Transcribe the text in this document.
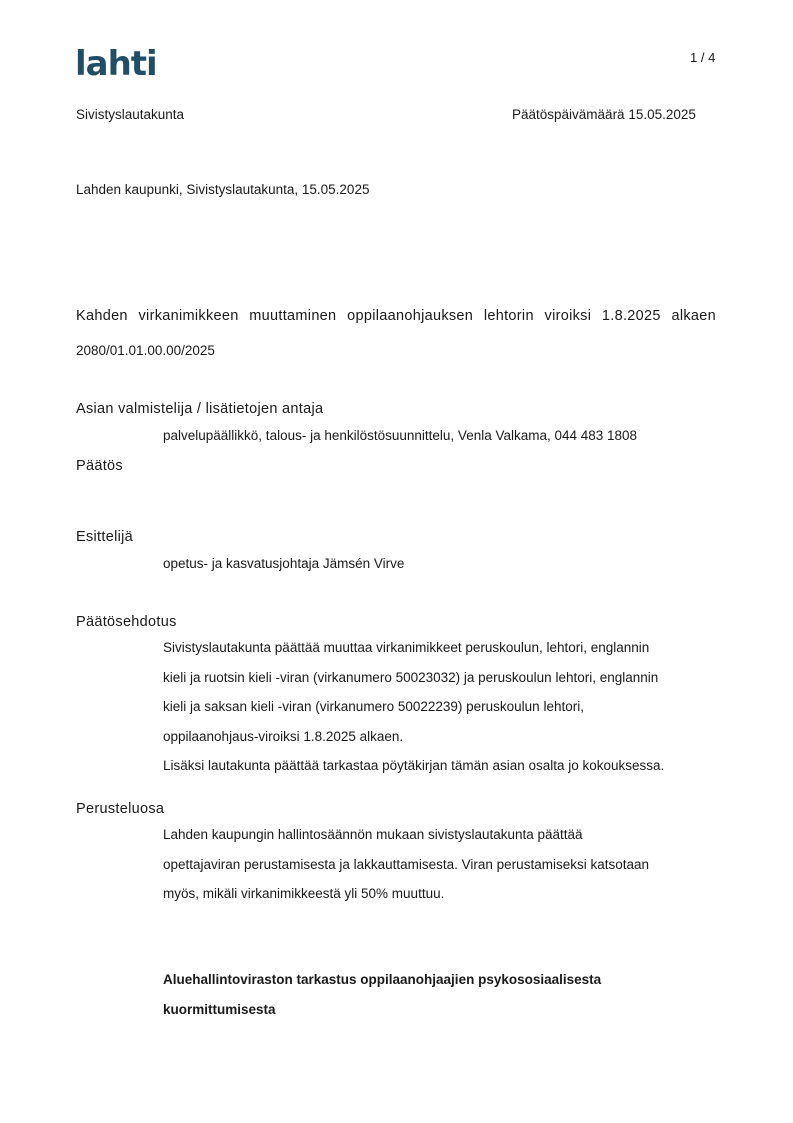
lahti	1 / 4
Sivistyslautakunta	Päätöspäivämäärä 15.05.2025
Lahden kaupunki, Sivistyslautakunta, 15.05.2025
Kahden virkanimikkeen muuttaminen oppilaanohjauksen lehtorin viroiksi 1.8.2025 alkaen
2080/01.01.00.00/2025
Asian valmistelija / lisätietojen antaja
palvelupäällikkö, talous- ja henkilöstösuunnittelu, Venla Valkama, 044 483 1808
Päätös
Esittelijä
opetus- ja kasvatusjohtaja Jämsén Virve
Päätösehdotus
Sivistyslautakunta päättää muuttaa virkanimikkeet peruskoulun, lehtori, englannin
kieli ja ruotsin kieli -viran (virkanumero 50023032) ja peruskoulun lehtori, englannin
kieli ja saksan kieli -viran (virkanumero 50022239) peruskoulun lehtori,
oppilaanohjaus-viroiksi 1.8.2025 alkaen.
Lisäksi lautakunta päättää tarkastaa pöytäkirjan tämän asian osalta jo kokouksessa.
Perusteluosa
Lahden kaupungin hallintosäännön mukaan sivistyslautakunta päättää
opettajaviran perustamisesta ja lakkauttamisesta. Viran perustamiseksi katsotaan
myös, mikäli virkanimikkeestä yli 50% muuttuu.
Aluehallintoviraston tarkastus oppilaanohjaajien psykososiaalisesta
kuormittumisesta
